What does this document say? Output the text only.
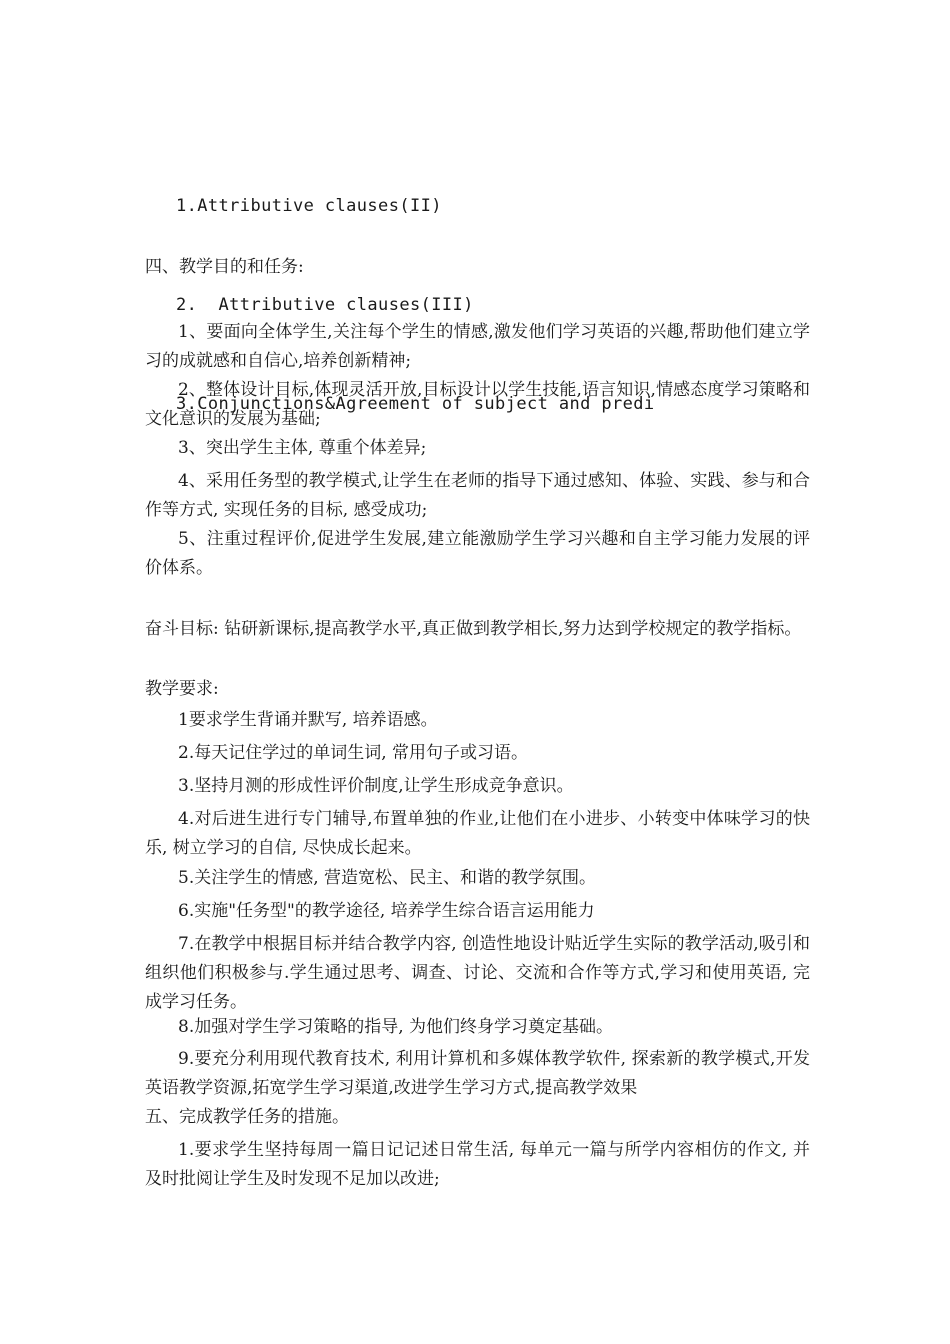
1.Attributive clauses(II)

2.  Attributive clauses(III)

3.Conjunctions&Agreement of subject and predi

四、教学目的和任务:

1、要面向全体学生,关注每个学生的情感,激发他们学习英语的兴趣,帮助他们建立学习的成就感和自信心,培养创新精神;

2、整体设计目标,体现灵活开放,目标设计以学生技能,语言知识,情感态度学习策略和文化意识的发展为基础;

3、突出学生主体, 尊重个体差异;

4、采用任务型的教学模式,让学生在老师的指导下通过感知、体验、实践、参与和合作等方式, 实现任务的目标, 感受成功;

5、注重过程评价,促进学生发展,建立能激励学生学习兴趣和自主学习能力发展的评价体系。

奋斗目标: 钻研新课标,提高教学水平,真正做到教学相长,努力达到学校规定的教学指标。

教学要求:

1要求学生背诵并默写, 培养语感。

2.每天记住学过的单词生词, 常用句子或习语。

3.坚持月测的形成性评价制度,让学生形成竞争意识。

4.对后进生进行专门辅导,布置单独的作业,让他们在小进步、小转变中体味学习的快乐, 树立学习的自信, 尽快成长起来。

5.关注学生的情感, 营造宽松、民主、和谐的教学氛围。

6.实施"任务型"的教学途径, 培养学生综合语言运用能力

7.在教学中根据目标并结合教学内容, 创造性地设计贴近学生实际的教学活动,吸引和组织他们积极参与.学生通过思考、调查、讨论、交流和合作等方式,学习和使用英语, 完成学习任务。

8.加强对学生学习策略的指导, 为他们终身学习奠定基础。

9.要充分利用现代教育技术, 利用计算机和多媒体教学软件, 探索新的教学模式,开发英语教学资源,拓宽学生学习渠道,改进学生学习方式,提高教学效果

五、完成教学任务的措施。

1.要求学生坚持每周一篇日记记述日常生活, 每单元一篇与所学内容相仿的作文, 并及时批阅让学生及时发现不足加以改进;
